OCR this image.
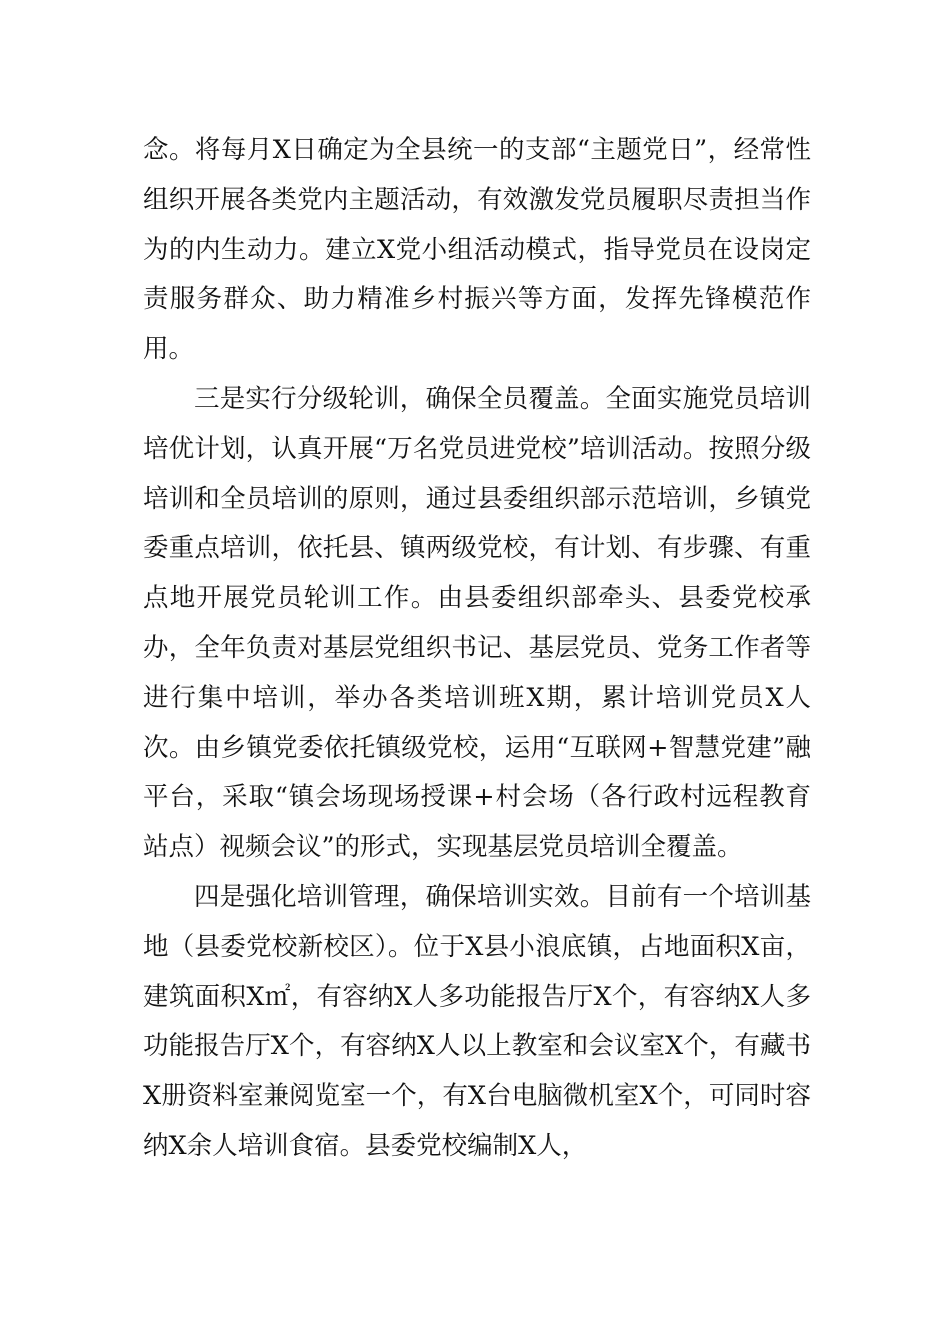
念。将每月X日确定为全县统一的支部“主题党日”，经常性组织开展各类党内主题活动，有效激发党员履职尽责担当作为的内生动力。建立X党小组活动模式，指导党员在设岗定责服务群众、助力精准乡村振兴等方面，发挥先锋模范作用。

三是实行分级轮训，确保全员覆盖。全面实施党员培训培优计划，认真开展“万名党员进党校”培训活动。按照分级培训和全员培训的原则，通过县委组织部示范培训，乡镇党委重点培训，依托县、镇两级党校，有计划、有步骤、有重点地开展党员轮训工作。由县委组织部牵头、县委党校承办，全年负责对基层党组织书记、基层党员、党务工作者等进行集中培训，举办各类培训班X期，累计培训党员X人次。由乡镇党委依托镇级党校，运用“互联网+智慧党建”融平台，采取“镇会场现场授课+村会场（各行政村远程教育站点）视频会议”的形式，实现基层党员培训全覆盖。

四是强化培训管理，确保培训实效。目前有一个培训基地（县委党校新校区）。位于X县小浪底镇，占地面积X亩，建筑面积X㎡，有容纳X人多功能报告厅X个，有容纳X人多功能报告厅X个，有容纳X人以上教室和会议室X个，有藏书X册资料室兼阅览室一个，有X台电脑微机室X个，可同时容纳X余人培训食宿。县委党校编制X人，
